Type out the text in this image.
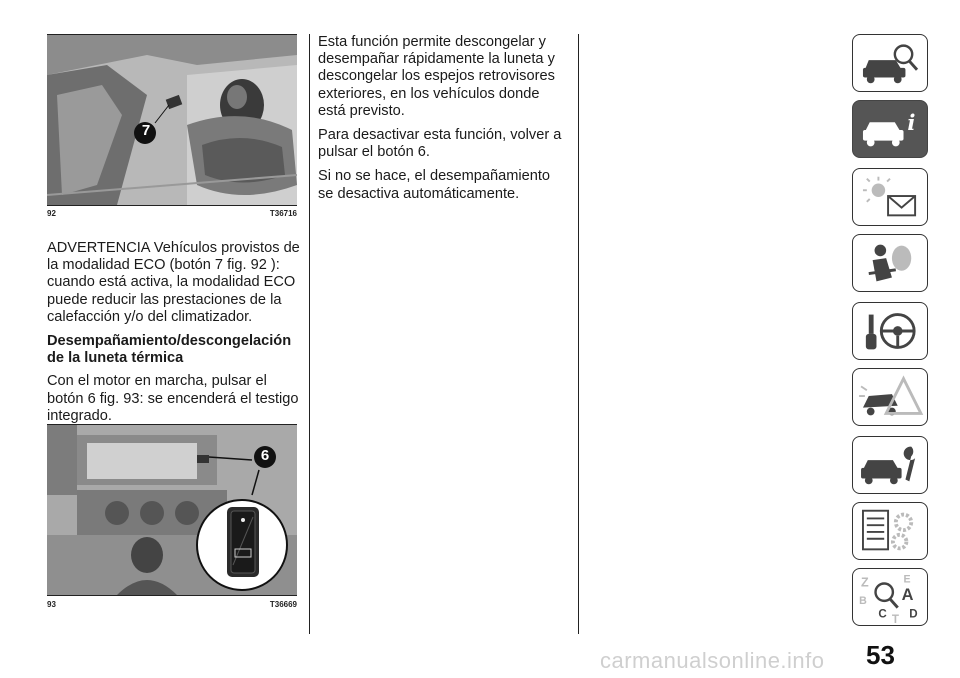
7
92	T36716

ADVERTENCIA Vehículos provistos de la modalidad ECO (botón 7 fig. 92 ): cuando está activa, la modalidad ECO puede reducir las prestaciones de la calefacción y/o del climatizador.

Desempañamiento/descongelación de la luneta térmica

Con el motor en marcha, pulsar el botón 6 fig. 93: se encenderá el testigo integrado.

6
93	T36669

Esta función permite descongelar y desempañar rápidamente la luneta y descongelar los espejos retrovisores exteriores, en los vehículos donde está previsto.

Para desactivar esta función, volver a pulsar el botón 6.

Si no se hace, el desempañamiento se desactiva automáticamente.

i
Z	E
B A
C D
T
53
carmanualsonline.info
